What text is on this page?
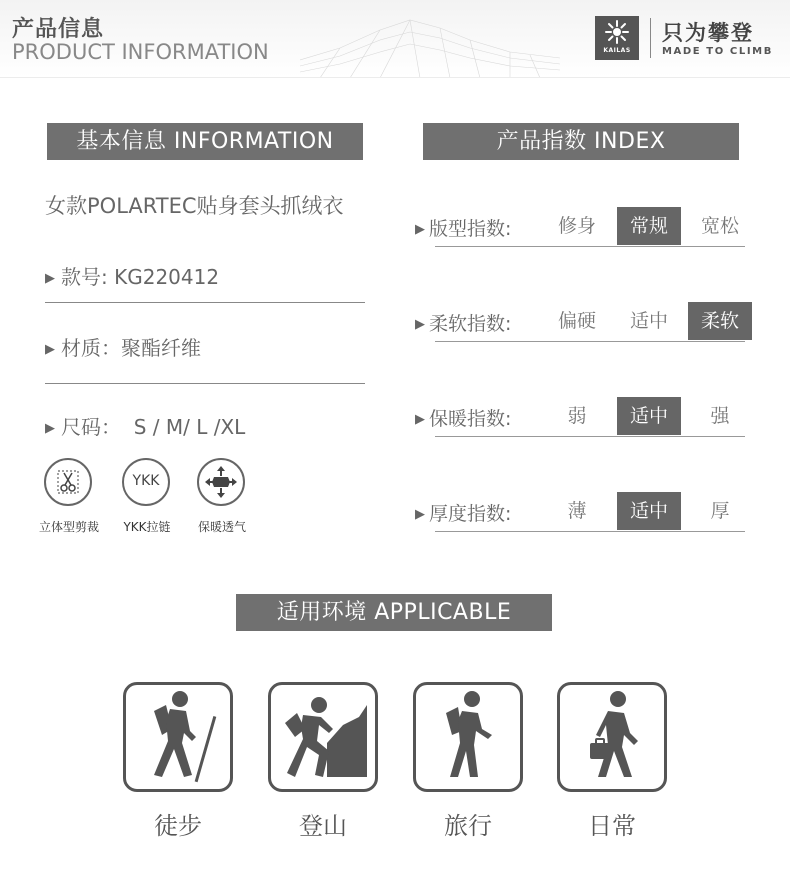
产品信息
PRODUCT INFORMATION	KAILAS
只为攀登
MADE TO CLIMB
基本信息 INFORMATION
女款POLARTEC贴身套头抓绒衣
▶ 款号: KG220412
▶ 材质：聚酯纤维
▶ 尺码：  S / M/ L /XL
立体型剪裁
YKK
YKK拉链	保暖透气
产品指数 INDEX
▶ 版型指数:	修身	常规	宽松
▶ 柔软指数:	偏硬	适中	柔软
▶ 保暖指数:	弱	适中	强
▶ 厚度指数:	薄	适中	厚
适用环境 APPLICABLE
徒步	登山	旅行	日常
